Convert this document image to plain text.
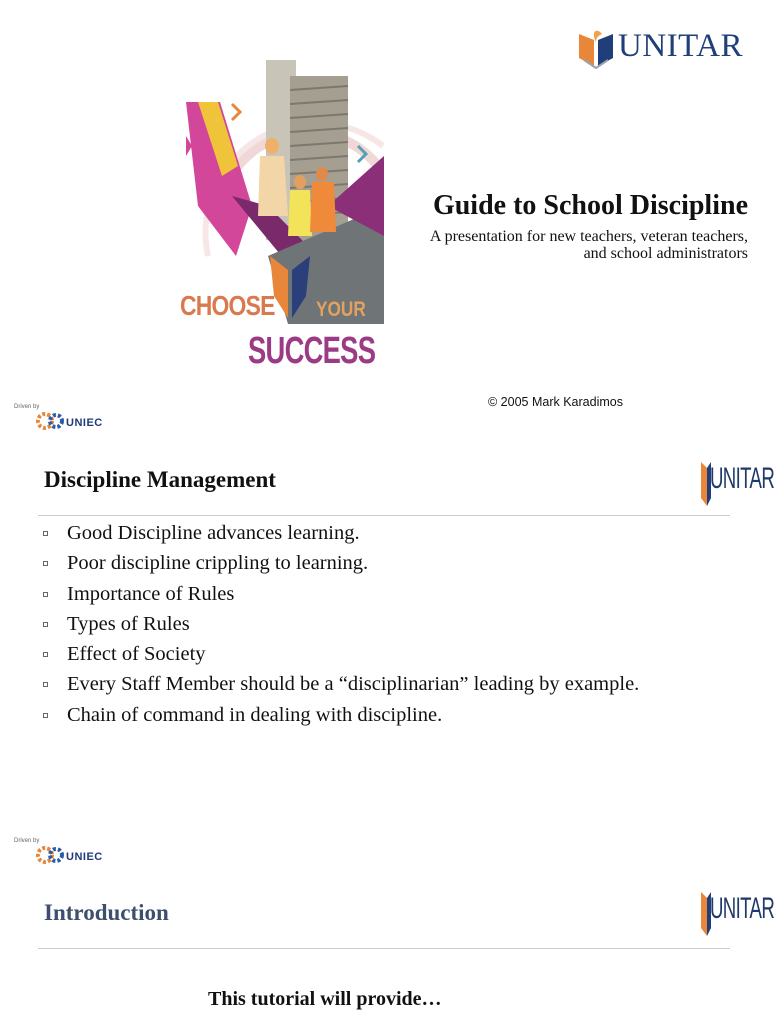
UNITAR
CHOOSE YOUR
SUCCESS
Guide to School Discipline

A presentation for new teachers, veteran teachers, and school administrators

© 2005 Mark Karadimos

Driven by
UNIEC
Discipline Management	UNITAR
Good Discipline advances learning.
Poor discipline crippling to learning.
Importance of Rules
Types of Rules
Effect of Society
Every Staff Member should be a “disciplinarian” leading by example.
Chain of command in dealing with discipline.
Driven by
UNIEC
Introduction	UNITAR

This tutorial will provide…
